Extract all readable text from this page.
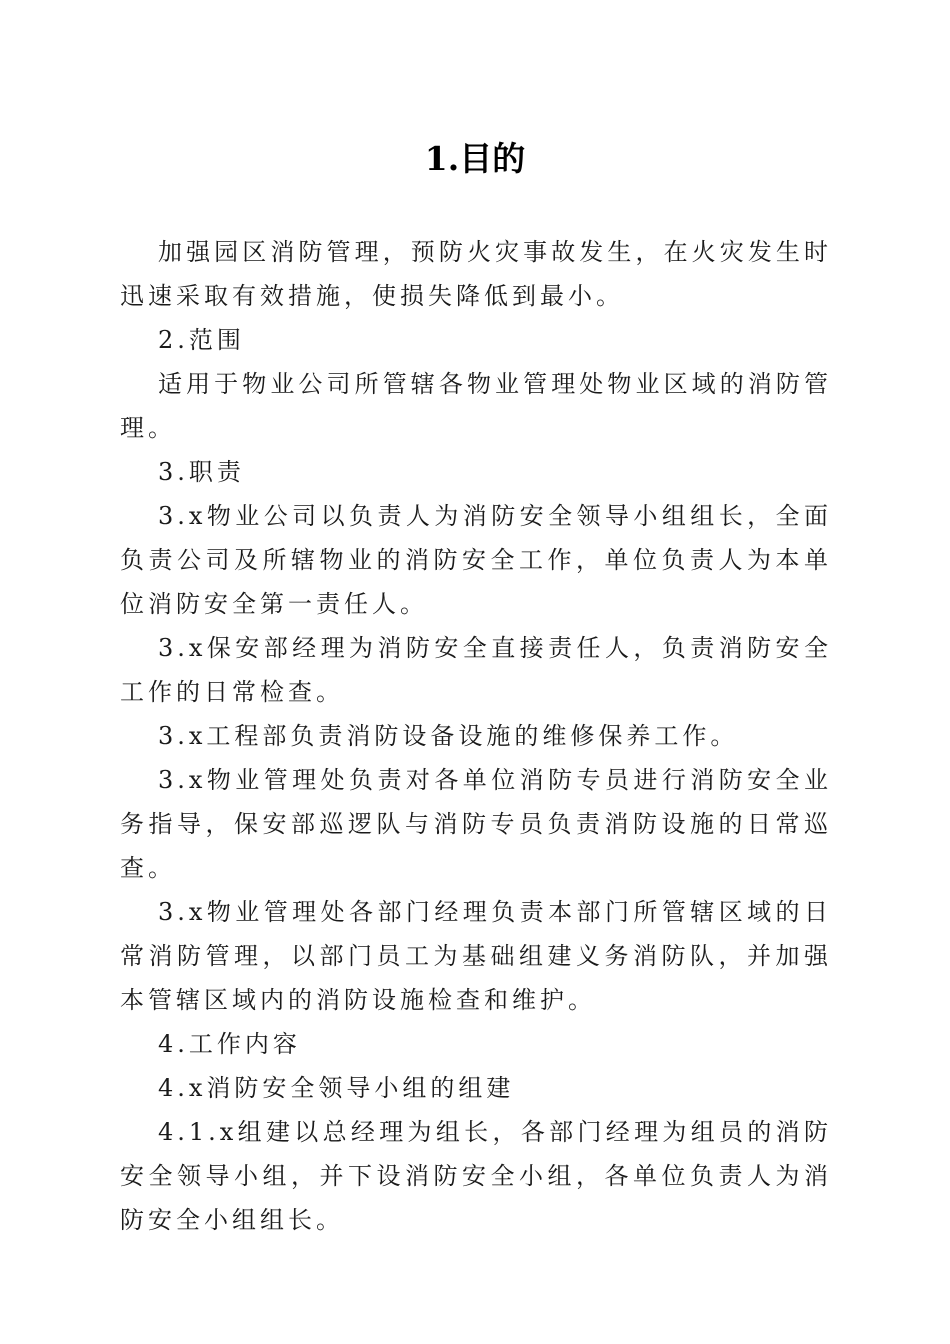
1.目的

加强园区消防管理，预防火灾事故发生，在火灾发生时迅速采取有效措施，使损失降低到最小。

2.范围

适用于物业公司所管辖各物业管理处物业区域的消防管理。

3.职责

3.x物业公司以负责人为消防安全领导小组组长，全面负责公司及所辖物业的消防安全工作，单位负责人为本单位消防安全第一责任人。

3.x保安部经理为消防安全直接责任人，负责消防安全工作的日常检查。

3.x工程部负责消防设备设施的维修保养工作。

3.x物业管理处负责对各单位消防专员进行消防安全业务指导，保安部巡逻队与消防专员负责消防设施的日常巡查。

3.x物业管理处各部门经理负责本部门所管辖区域的日常消防管理，以部门员工为基础组建义务消防队，并加强本管辖区域内的消防设施检查和维护。

4.工作内容

4.x消防安全领导小组的组建

4.1.x组建以总经理为组长，各部门经理为组员的消防安全领导小组，并下设消防安全小组，各单位负责人为消防安全小组组长。
